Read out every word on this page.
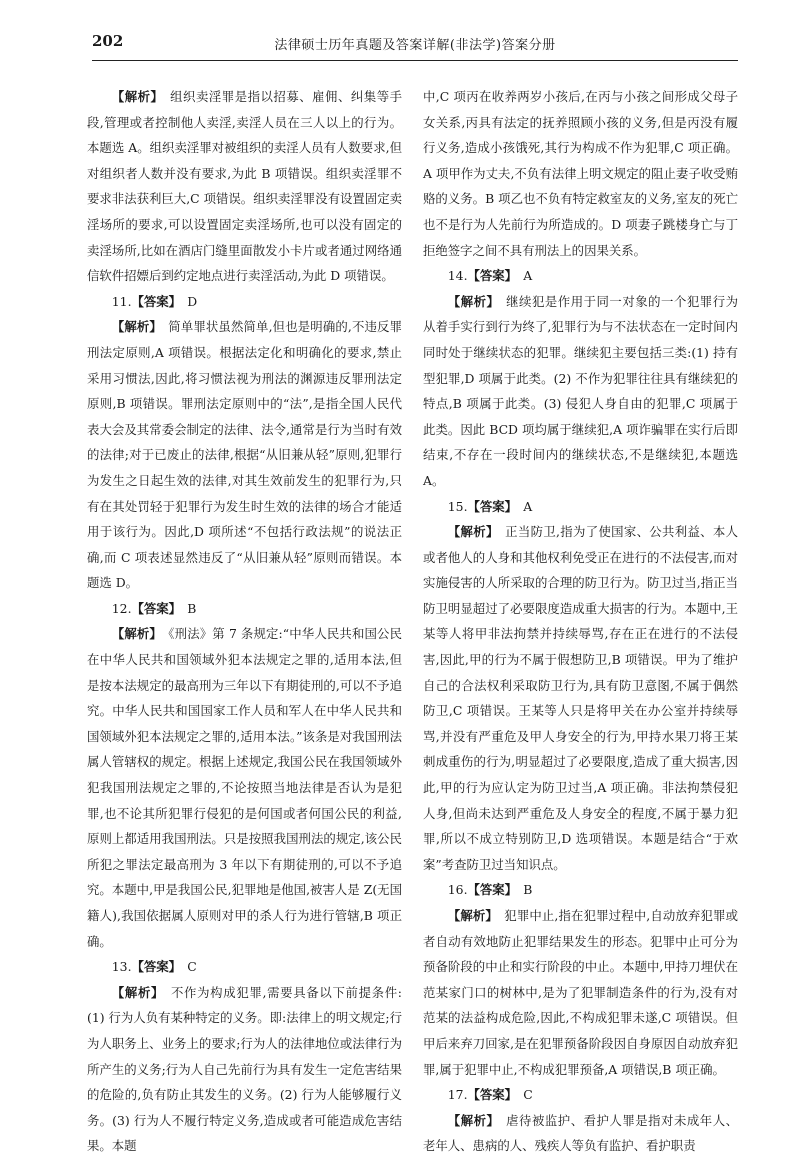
202	法律硕士历年真题及答案详解(非法学)答案分册

【解析】　组织卖淫罪是指以招募、雇佣、纠集等手段,管理或者控制他人卖淫,卖淫人员在三人以上的行为。本题选 A。组织卖淫罪对被组织的卖淫人员有人数要求,但对组织者人数并没有要求,为此 B 项错误。组织卖淫罪不要求非法获利巨大,C 项错误。组织卖淫罪没有设置固定卖淫场所的要求,可以设置固定卖淫场所,也可以没有固定的卖淫场所,比如在酒店门缝里面散发小卡片或者通过网络通信软件招嫖后到约定地点进行卖淫活动,为此 D 项错误。

11.【答案】　D

【解析】　简单罪状虽然简单,但也是明确的,不违反罪刑法定原则,A 项错误。根据法定化和明确化的要求,禁止采用习惯法,因此,将习惯法视为刑法的渊源违反罪刑法定原则,B 项错误。罪刑法定原则中的“法”,是指全国人民代表大会及其常委会制定的法律、法令,通常是行为当时有效的法律;对于已废止的法律,根据“从旧兼从轻”原则,犯罪行为发生之日起生效的法律,对其生效前发生的犯罪行为,只有在其处罚轻于犯罪行为发生时生效的法律的场合才能适用于该行为。因此,D 项所述“不包括行政法规”的说法正确,而 C 项表述显然违反了“从旧兼从轻”原则而错误。本题选 D。

12.【答案】　B

【解析】　《刑法》第 7 条规定:“中华人民共和国公民在中华人民共和国领域外犯本法规定之罪的,适用本法,但是按本法规定的最高刑为三年以下有期徒刑的,可以不予追究。中华人民共和国国家工作人员和军人在中华人民共和国领域外犯本法规定之罪的,适用本法。”该条是对我国刑法属人管辖权的规定。根据上述规定,我国公民在我国领域外犯我国刑法规定之罪的,不论按照当地法律是否认为是犯罪,也不论其所犯罪行侵犯的是何国或者何国公民的利益,原则上都适用我国刑法。只是按照我国刑法的规定,该公民所犯之罪法定最高刑为 3 年以下有期徒刑的,可以不予追究。本题中,甲是我国公民,犯罪地是他国,被害人是 Z(无国籍人),我国依据属人原则对甲的杀人行为进行管辖,B 项正确。

13.【答案】　C

【解析】　不作为构成犯罪,需要具备以下前提条件:(1) 行为人负有某种特定的义务。即:法律上的明文规定;行为人职务上、业务上的要求;行为人的法律地位或法律行为所产生的义务;行为人自己先前行为具有发生一定危害结果的危险的,负有防止其发生的义务。(2) 行为人能够履行义务。(3) 行为人不履行特定义务,造成或者可能造成危害结果。本题

中,C 项丙在收养两岁小孩后,在丙与小孩之间形成父母子女关系,丙具有法定的抚养照顾小孩的义务,但是丙没有履行义务,造成小孩饿死,其行为构成不作为犯罪,C 项正确。A 项甲作为丈夫,不负有法律上明文规定的阻止妻子收受贿赂的义务。B 项乙也不负有特定救室友的义务,室友的死亡也不是行为人先前行为所造成的。D 项妻子跳楼身亡与丁拒绝签字之间不具有刑法上的因果关系。

14.【答案】　A

【解析】　继续犯是作用于同一对象的一个犯罪行为从着手实行到行为终了,犯罪行为与不法状态在一定时间内同时处于继续状态的犯罪。继续犯主要包括三类:(1) 持有型犯罪,D 项属于此类。(2) 不作为犯罪往往具有继续犯的特点,B 项属于此类。(3) 侵犯人身自由的犯罪,C 项属于此类。因此 BCD 项均属于继续犯,A 项诈骗罪在实行后即结束,不存在一段时间内的继续状态,不是继续犯,本题选 A。

15.【答案】　A

【解析】　正当防卫,指为了使国家、公共利益、本人或者他人的人身和其他权利免受正在进行的不法侵害,而对实施侵害的人所采取的合理的防卫行为。防卫过当,指正当防卫明显超过了必要限度造成重大损害的行为。本题中,王某等人将甲非法拘禁并持续辱骂,存在正在进行的不法侵害,因此,甲的行为不属于假想防卫,B 项错误。甲为了维护自己的合法权利采取防卫行为,具有防卫意图,不属于偶然防卫,C 项错误。王某等人只是将甲关在办公室并持续辱骂,并没有严重危及甲人身安全的行为,甲持水果刀将王某刺成重伤的行为,明显超过了必要限度,造成了重大损害,因此,甲的行为应认定为防卫过当,A 项正确。非法拘禁侵犯人身,但尚未达到严重危及人身安全的程度,不属于暴力犯罪,所以不成立特别防卫,D 选项错误。本题是结合“于欢案”考查防卫过当知识点。

16.【答案】　B

【解析】　犯罪中止,指在犯罪过程中,自动放弃犯罪或者自动有效地防止犯罪结果发生的形态。犯罪中止可分为预备阶段的中止和实行阶段的中止。本题中,甲持刀埋伏在范某家门口的树林中,是为了犯罪制造条件的行为,没有对范某的法益构成危险,因此,不构成犯罪未遂,C 项错误。但甲后来弃刀回家,是在犯罪预备阶段因自身原因自动放弃犯罪,属于犯罪中止,不构成犯罪预备,A 项错误,B 项正确。

17.【答案】　C

【解析】　虐待被监护、看护人罪是指对未成年人、老年人、患病的人、残疾人等负有监护、看护职责
